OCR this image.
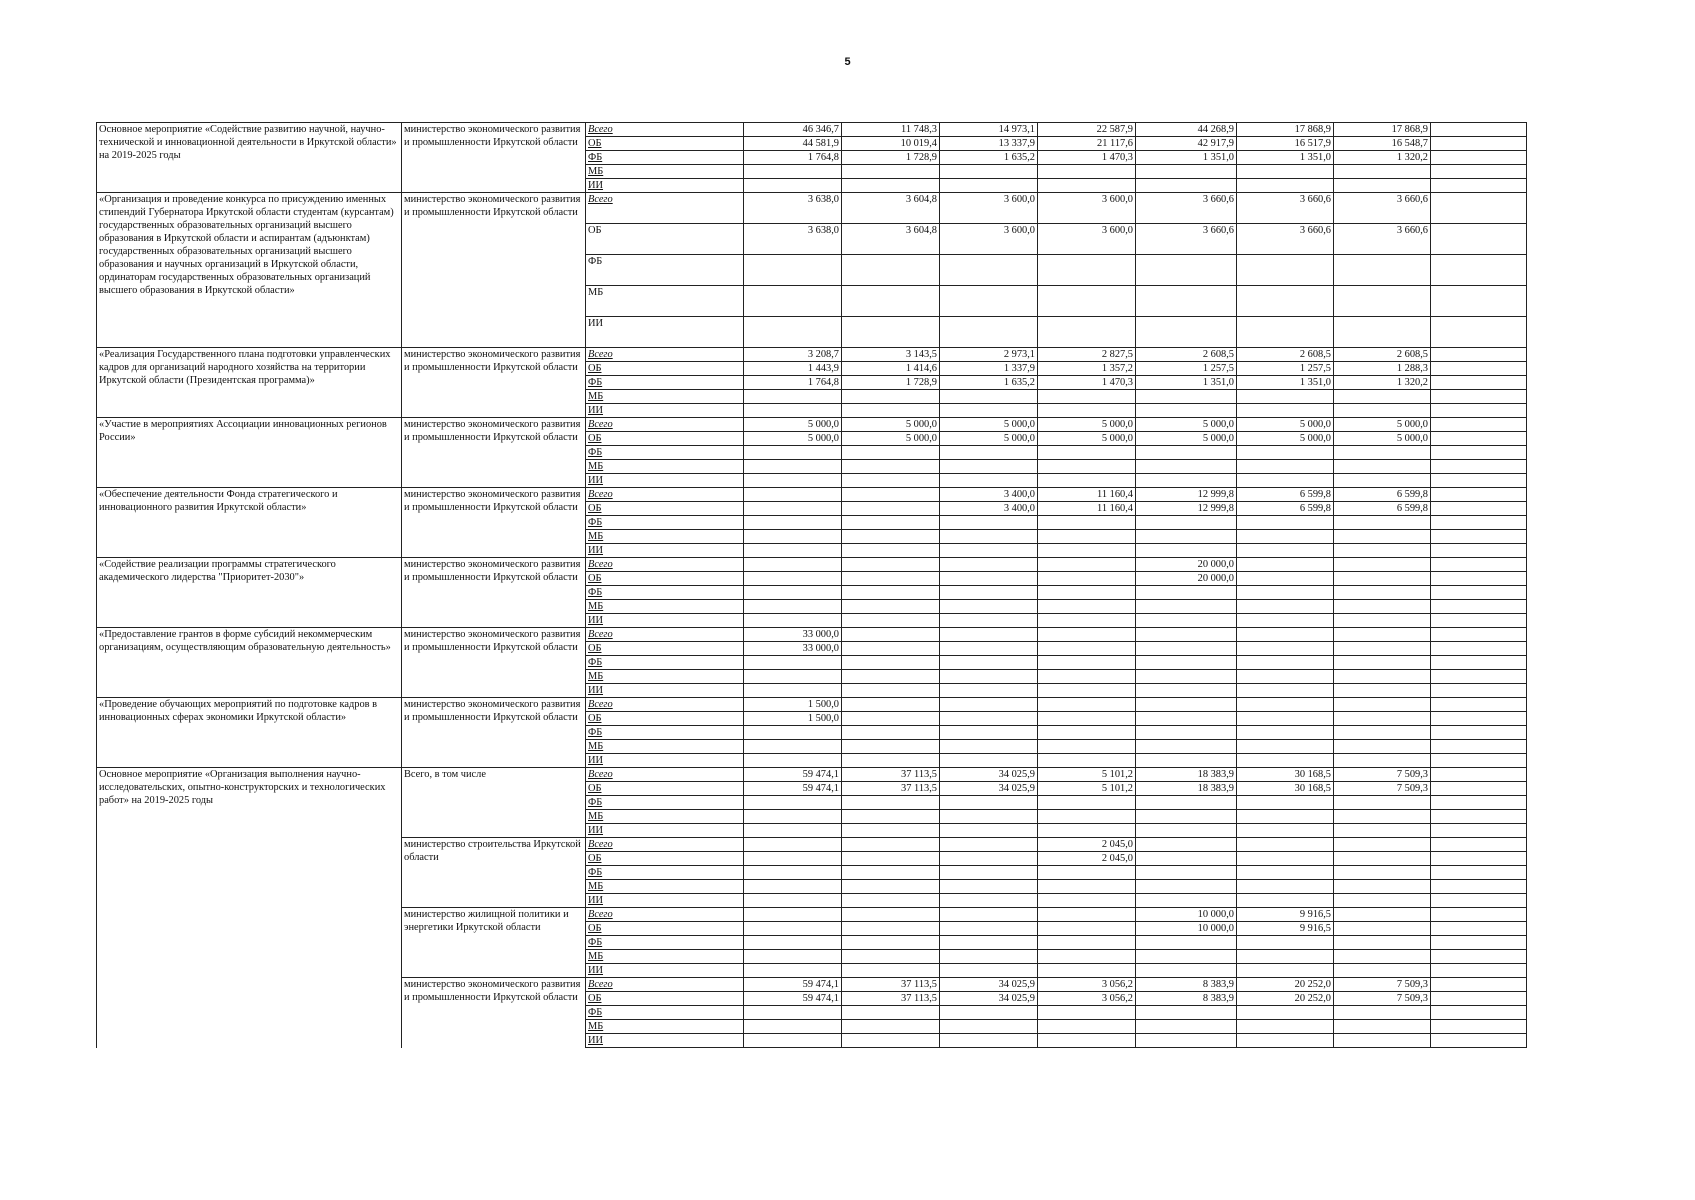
5
Основное мероприятие «Содействие развитию научной, научно-технической и инновационной деятельности в Иркутской области» на 2019-2025 годы	министерство экономического развития и промышленности Иркутской области	Всего	46 346,7	11 748,3	14 973,1	22 587,9	44 268,9	17 868,9	17 868,9	
		ОБ	44 581,9	10 019,4	13 337,9	21 117,6	42 917,9	16 517,9	16 548,7	
		ФБ	1 764,8	1 728,9	1 635,2	1 470,3	1 351,0	1 351,0	1 320,2	
		МБ								
		ИИ								
«Организация и проведение конкурса по присуждению именных стипендий Губернатора Иркутской области студентам (курсантам) государственных образовательных организаций высшего образования в Иркутской области и аспирантам (адъюнктам) государственных образовательных организаций высшего образования и научных организаций в Иркутской области, ординаторам государственных образовательных организаций высшего образования в Иркутской области»	министерство экономического развития и промышленности Иркутской области	Всего	3 638,0	3 604,8	3 600,0	3 600,0	3 660,6	3 660,6	3 660,6	
		ОБ	3 638,0	3 604,8	3 600,0	3 600,0	3 660,6	3 660,6	3 660,6	
		ФБ								
		МБ								
		ИИ								
«Реализация Государственного плана подготовки управленческих кадров для организаций народного хозяйства на территории Иркутской области (Президентская программа)»	министерство экономического развития и промышленности Иркутской области	Всего	3 208,7	3 143,5	2 973,1	2 827,5	2 608,5	2 608,5	2 608,5	
		ОБ	1 443,9	1 414,6	1 337,9	1 357,2	1 257,5	1 257,5	1 288,3	
		ФБ	1 764,8	1 728,9	1 635,2	1 470,3	1 351,0	1 351,0	1 320,2	
		МБ								
		ИИ								
«Участие в мероприятиях Ассоциации инновационных регионов России»	министерство экономического развития и промышленности Иркутской области	Всего	5 000,0	5 000,0	5 000,0	5 000,0	5 000,0	5 000,0	5 000,0	
		ОБ	5 000,0	5 000,0	5 000,0	5 000,0	5 000,0	5 000,0	5 000,0	
		ФБ								
		МБ								
		ИИ								
«Обеспечение деятельности Фонда стратегического и инновационного развития Иркутской области»	министерство экономического развития и промышленности Иркутской области	Всего			3 400,0	11 160,4	12 999,8	6 599,8	6 599,8	
		ОБ			3 400,0	11 160,4	12 999,8	6 599,8	6 599,8	
		ФБ								
		МБ								
		ИИ								
«Содействие реализации программы стратегического академического лидерства "Приоритет-2030"»	министерство экономического развития и промышленности Иркутской области	Всего					20 000,0			
		ОБ					20 000,0			
		ФБ								
		МБ								
		ИИ								
«Предоставление грантов в форме субсидий некоммерческим организациям, осуществляющим образовательную деятельность»	министерство экономического развития и промышленности Иркутской области	Всего	33 000,0							
		ОБ	33 000,0							
		ФБ								
		МБ								
		ИИ								
«Проведение обучающих мероприятий по подготовке кадров в инновационных сферах экономики Иркутской области»	министерство экономического развития и промышленности Иркутской области	Всего	1 500,0							
		ОБ	1 500,0							
		ФБ								
		МБ								
		ИИ								
Основное мероприятие «Организация выполнения научно-исследовательских, опытно-конструкторских и технологических работ» на 2019-2025 годы	Всего, в том числе	Всего	59 474,1	37 113,5	34 025,9	5 101,2	18 383,9	30 168,5	7 509,3	
		ОБ	59 474,1	37 113,5	34 025,9	5 101,2	18 383,9	30 168,5	7 509,3	
		ФБ								
		МБ								
		ИИ								
	министерство строительства Иркутской области	Всего				2 045,0				
		ОБ				2 045,0				
		ФБ								
		МБ								
		ИИ								
	министерство жилищной политики и энергетики Иркутской области	Всего					10 000,0	9 916,5		
		ОБ					10 000,0	9 916,5		
		ФБ								
		МБ								
		ИИ								
	министерство экономического развития и промышленности Иркутской области	Всего	59 474,1	37 113,5	34 025,9	3 056,2	8 383,9	20 252,0	7 509,3	
		ОБ	59 474,1	37 113,5	34 025,9	3 056,2	8 383,9	20 252,0	7 509,3	
		ФБ								
		МБ								
		ИИ								
